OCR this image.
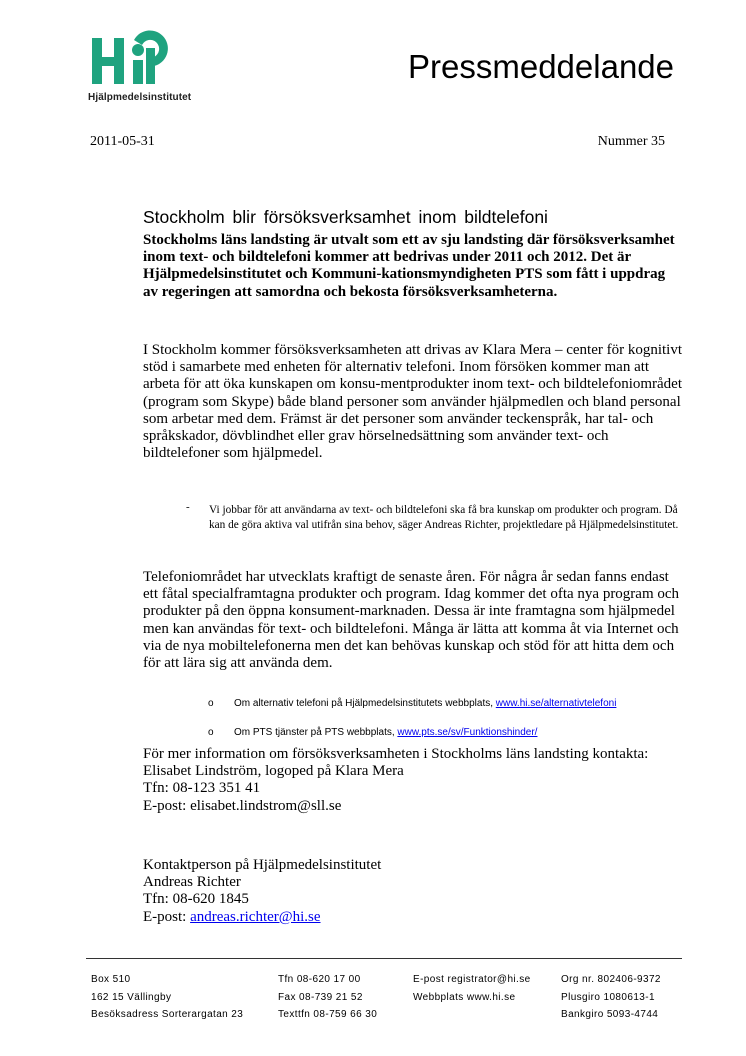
Hjälpmedelsinstitutet
Pressmeddelande
2011-05-31	Nummer 35
Stockholm blir försöksverksamhet inom bildtelefoni

Stockholms läns landsting är utvalt som ett av sju landsting där försöksverksamhet inom text- och bildtelefoni kommer att bedrivas under 2011 och 2012. Det är Hjälpmedelsinstitutet och Kommuni-kationsmyndigheten PTS som fått i uppdrag av regeringen att samordna och bekosta försöksverksamheterna.

I Stockholm kommer försöksverksamheten att drivas av Klara Mera – center för kognitivt stöd i samarbete med enheten för alternativ telefoni. Inom försöken kommer man att arbeta för att öka kunskapen om konsu-mentprodukter inom text- och bildtelefoniområdet (program som Skype) både bland personer som använder hjälpmedlen och bland personal som arbetar med dem. Främst är det personer som använder teckenspråk, har tal- och språkskador, dövblindhet eller grav hörselnedsättning som använder text- och bildtelefoner som hjälpmedel.

- Vi jobbar för att användarna av text- och bildtelefoni ska få bra kunskap om produkter och program. Då kan de göra aktiva val utifrån sina behov, säger Andreas Richter, projektledare på Hjälpmedelsinstitutet.

Telefoniområdet har utvecklats kraftigt de senaste åren. För några år sedan fanns endast ett fåtal specialframtagna produkter och program. Idag kommer det ofta nya program och produkter på den öppna konsument-marknaden. Dessa är inte framtagna som hjälpmedel men kan användas för text- och bildtelefoni. Många är lätta att komma åt via Internet och via de nya mobiltelefonerna men det kan behövas kunskap och stöd för att hitta dem och för att lära sig att använda dem.

o Om alternativ telefoni på Hjälpmedelsinstitutets webbplats, www.hi.se/alternativtelefoni
o Om PTS tjänster på PTS webbplats, www.pts.se/sv/Funktionshinder/
För mer information om försöksverksamheten i Stockholms läns landsting kontakta:
Elisabet Lindström, logoped på Klara Mera
Tfn: 08-123 351 41
E-post: elisabet.lindstrom@sll.se
Kontaktperson på Hjälpmedelsinstitutet
Andreas Richter
Tfn: 08-620 1845
E-post: andreas.richter@hi.se
Box 510
162 15 Vällingby
Besöksadress Sorterargatan 23
Tfn 08-620 17 00
Fax 08-739 21 52
Texttfn 08-759 66 30
E-post registrator@hi.se
Webbplats www.hi.se
Org nr. 802406-9372
Plusgiro 1080613-1
Bankgiro 5093-4744
